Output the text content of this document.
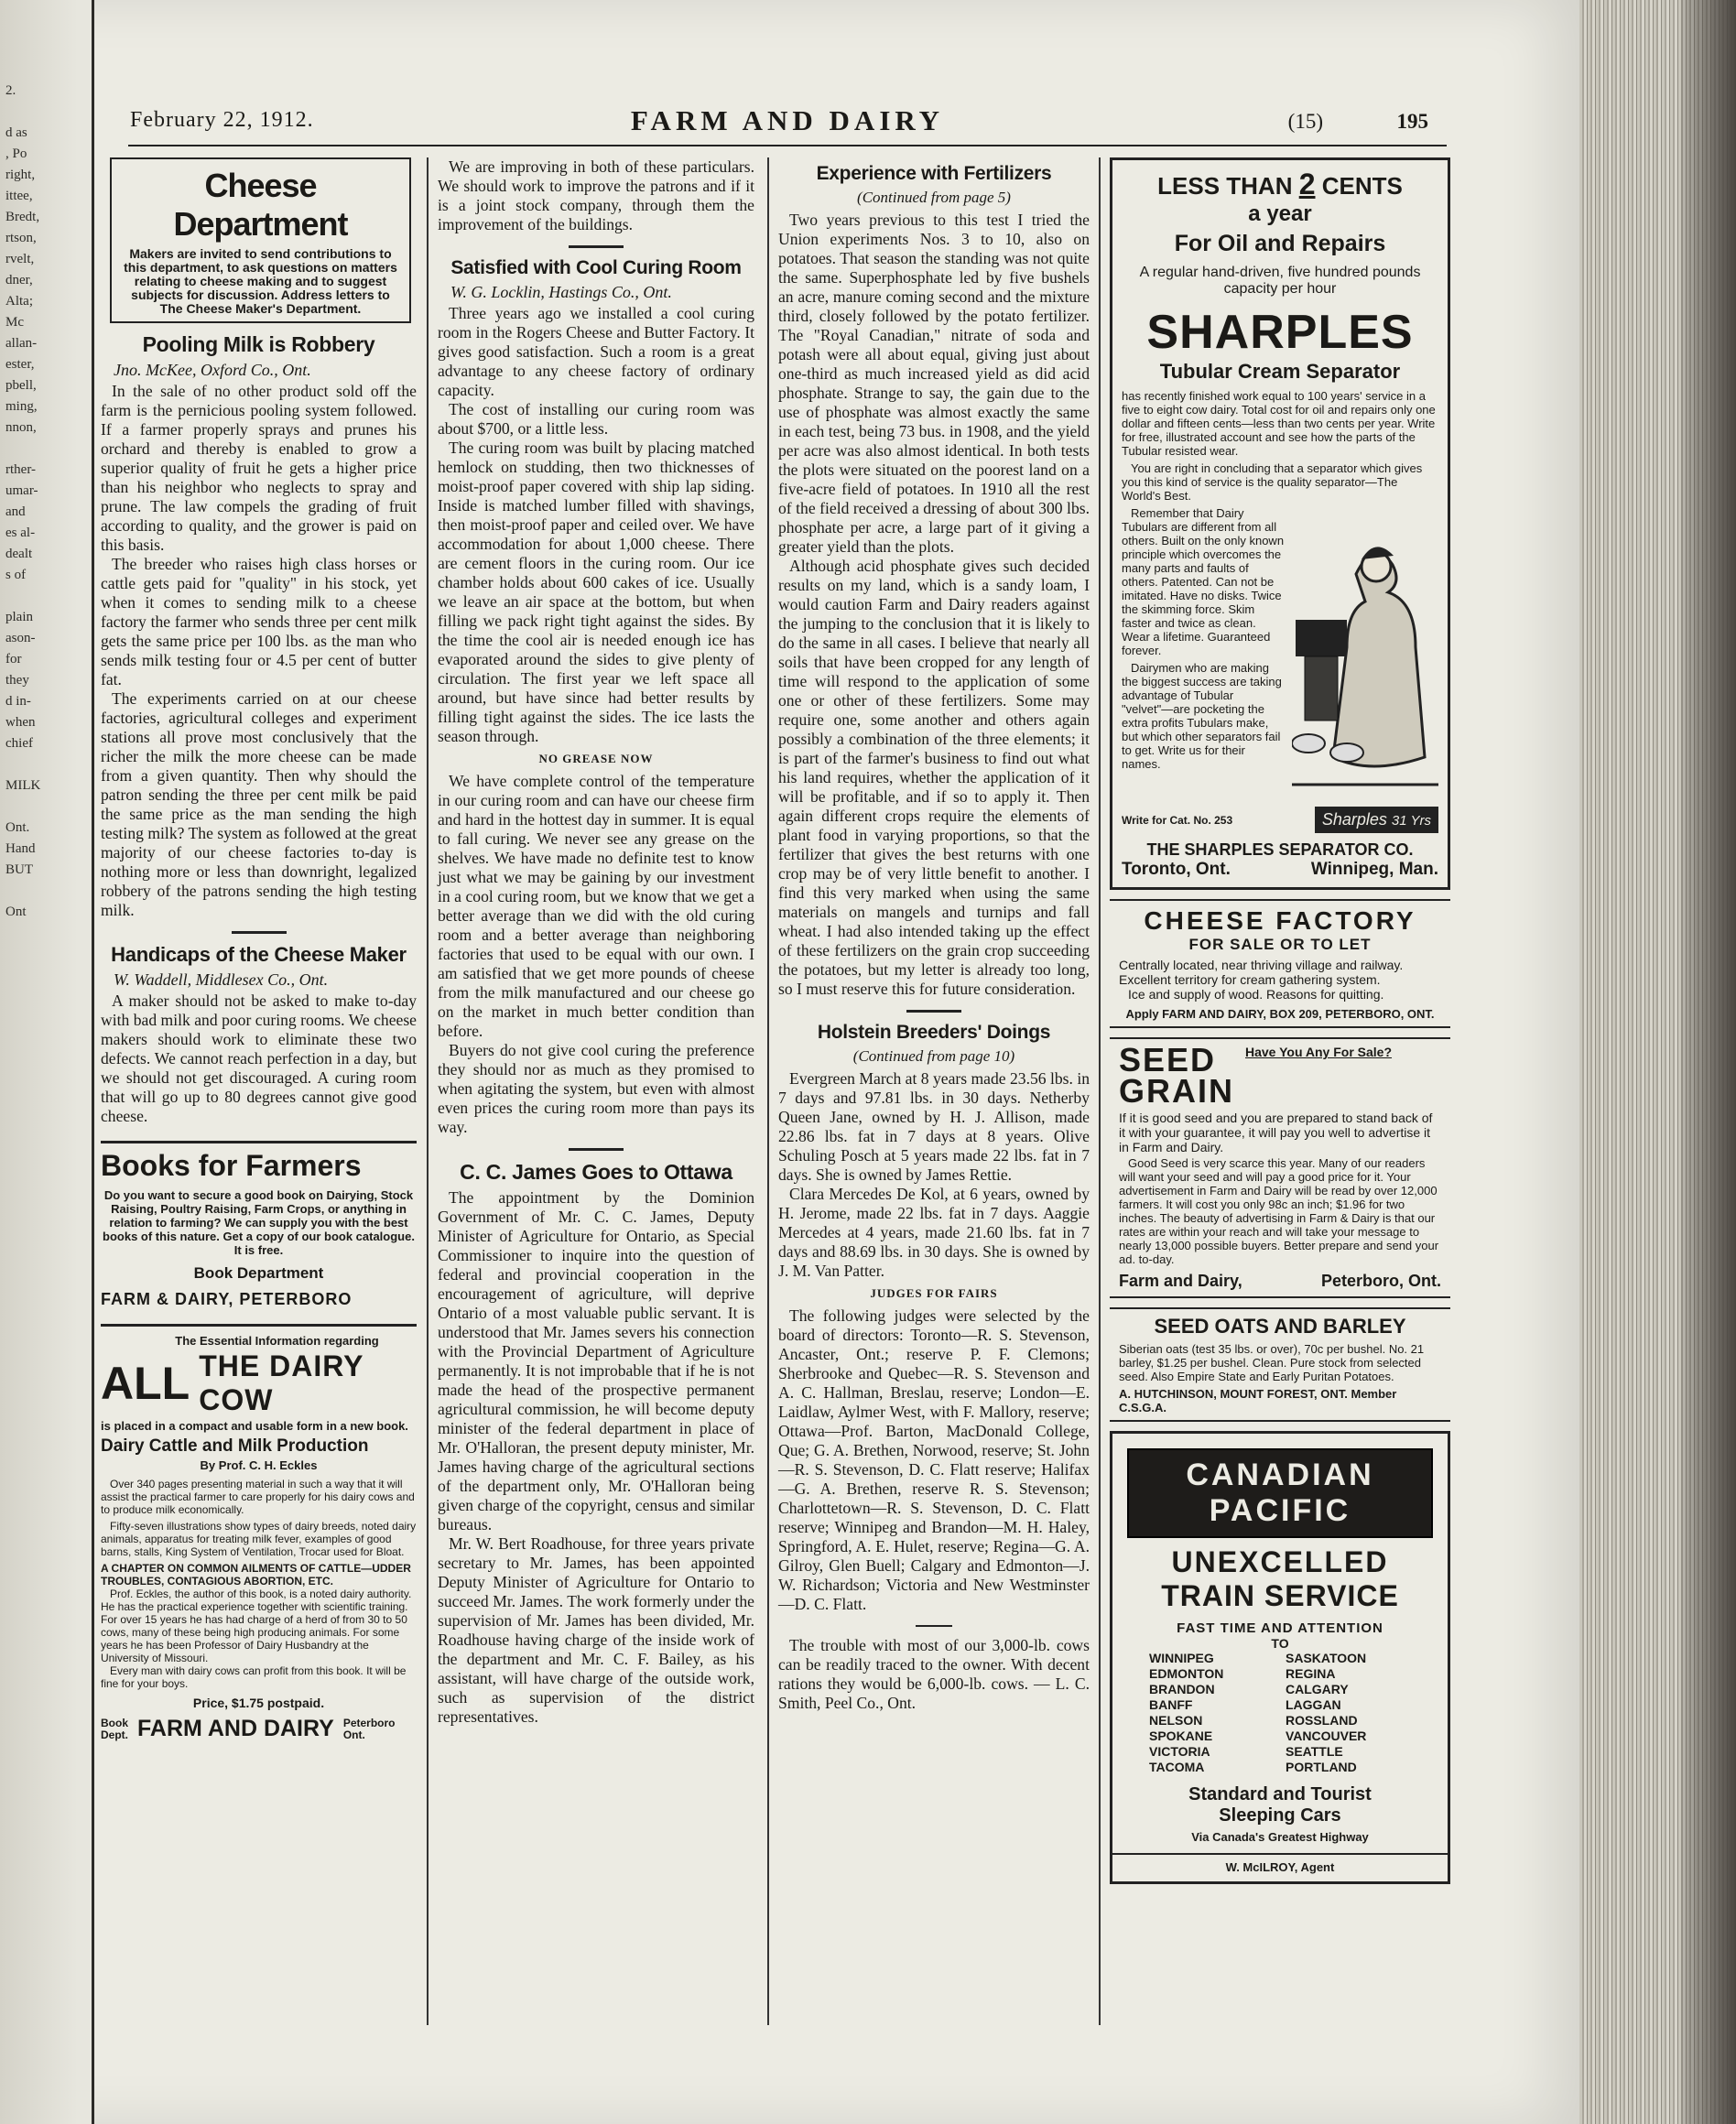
2.

d as

, Po

right,

ittee,

Bredt,

rtson,

rvelt,

dner,

Alta;

Mc

allan-

ester,

pbell,

ming,

nnon,

rther-

umar-

and

es al-

dealt

s of

plain

ason-

for

they

d in-

when

chief

MILK

Ont.

Hand

BUT

Ont

February 22, 1912.	FARM AND DAIRY	(15)	195
Cheese Department
Makers are invited to send contributions to this department, to ask questions on matters relating to cheese making and to suggest subjects for discussion. Address letters to The Cheese Maker's Department.
Pooling Milk is Robbery
Jno. McKee, Oxford Co., Ont.

In the sale of no other product sold off the farm is the pernicious pooling system followed. If a farmer properly sprays and prunes his orchard and thereby is enabled to grow a superior quality of fruit he gets a higher price than his neighbor who neglects to spray and prune. The law compels the grading of fruit according to quality, and the grower is paid on this basis.

The breeder who raises high class horses or cattle gets paid for "quality" in his stock, yet when it comes to sending milk to a cheese factory the farmer who sends three per cent milk gets the same price per 100 lbs. as the man who sends milk testing four or 4.5 per cent of butter fat.

The experiments carried on at our cheese factories, agricultural colleges and experiment stations all prove most conclusively that the richer the milk the more cheese can be made from a given quantity. Then why should the patron sending the three per cent milk be paid the same price as the man sending the high testing milk? The system as followed at the great majority of our cheese factories to-day is nothing more or less than downright, legalized robbery of the patrons sending the high testing milk.

Handicaps of the Cheese Maker
W. Waddell, Middlesex Co., Ont.

A maker should not be asked to make to-day with bad milk and poor curing rooms. We cheese makers should work to eliminate these two defects. We cannot reach perfection in a day, but we should not get discouraged. A curing room that will go up to 80 degrees cannot give good cheese.

Books for Farmers

Do you want to secure a good book on Dairying, Stock Raising, Poultry Raising, Farm Crops, or anything in relation to farming? We can supply you with the best books of this nature. Get a copy of our book catalogue. It is free.

Book Department

FARM & DAIRY, PETERBORO

The Essential Information regarding

ALL THE DAIRY COW

is placed in a compact and usable form in a new book.

Dairy Cattle and Milk Production

By Prof. C. H. Eckles

Over 340 pages presenting material in such a way that it will assist the practical farmer to care properly for his dairy cows and to produce milk economically.

Fifty-seven illustrations show types of dairy breeds, noted dairy animals, apparatus for treating milk fever, examples of good barns, stalls, King System of Ventilation, Trocar used for Bloat.

A CHAPTER ON COMMON AILMENTS OF CATTLE—UDDER TROUBLES, CONTAGIOUS ABORTION, ETC.

Prof. Eckles, the author of this book, is a noted dairy authority. He has the practical experience together with scientific training. For over 15 years he has had charge of a herd of from 30 to 50 cows, many of these being high producing animals. For some years he has been Professor of Dairy Husbandry at the University of Missouri.

Every man with dairy cows can profit from this book. It will be fine for your boys.

Price, $1.75 postpaid.

Book Dept. FARM AND DAIRY Peterboro Ont.

We are improving in both of these particulars. We should work to improve the patrons and if it is a joint stock company, through them the improvement of the buildings.

Satisfied with Cool Curing Room
W. G. Locklin, Hastings Co., Ont.

Three years ago we installed a cool curing room in the Rogers Cheese and Butter Factory. It gives good satisfaction. Such a room is a great advantage to any cheese factory of ordinary capacity.

The cost of installing our curing room was about $700, or a little less.

The curing room was built by placing matched hemlock on studding, then two thicknesses of moist-proof paper covered with ship lap siding. Inside is matched lumber filled with shavings, then moist-proof paper and ceiled over. We have accommodation for about 1,000 cheese. There are cement floors in the curing room. Our ice chamber holds about 600 cakes of ice. Usually we leave an air space at the bottom, but when filling we pack right tight against the sides. By the time the cool air is needed enough ice has evaporated around the sides to give plenty of circulation. The first year we left space all around, but have since had better results by filling tight against the sides. The ice lasts the season through.

NO GREASE NOW

We have complete control of the temperature in our curing room and can have our cheese firm and hard in the hottest day in summer. It is equal to fall curing. We never see any grease on the shelves. We have made no definite test to know just what we may be gaining by our investment in a cool curing room, but we know that we get a better average than we did with the old curing room and a better average than neighboring factories that used to be equal with our own. I am satisfied that we get more pounds of cheese from the milk manufactured and our cheese go on the market in much better condition than before.

Buyers do not give cool curing the preference they should nor as much as they promised to when agitating the system, but even with almost even prices the curing room more than pays its way.

C. C. James Goes to Ottawa

The appointment by the Dominion Government of Mr. C. C. James, Deputy Minister of Agriculture for Ontario, as Special Commissioner to inquire into the question of federal and provincial cooperation in the encouragement of agriculture, will deprive Ontario of a most valuable public servant. It is understood that Mr. James severs his connection with the Provincial Department of Agriculture permanently. It is not improbable that if he is not made the head of the prospective permanent agricultural commission, he will become deputy minister of the federal department in place of Mr. O'Halloran, the present deputy minister, Mr. James having charge of the agricultural sections of the department only, Mr. O'Halloran being given charge of the copyright, census and similar bureaus.

Mr. W. Bert Roadhouse, for three years private secretary to Mr. James, has been appointed Deputy Minister of Agriculture for Ontario to succeed Mr. James. The work formerly under the supervision of Mr. James has been divided, Mr. Roadhouse having charge of the inside work of the department and Mr. C. F. Bailey, as his assistant, will have charge of the outside work, such as supervision of the district representatives.

Experience with Fertilizers
(Continued from page 5)

Two years previous to this test I tried the Union experiments Nos. 3 to 10, also on potatoes. That season the standing was not quite the same. Superphosphate led by five bushels an acre, manure coming second and the mixture third, closely followed by the potato fertilizer. The "Royal Canadian," nitrate of soda and potash were all about equal, giving just about one-third as much increased yield as did acid phosphate. Strange to say, the gain due to the use of phosphate was almost exactly the same in each test, being 73 bus. in 1908, and the yield per acre was also almost identical. In both tests the plots were situated on the poorest land on a five-acre field of potatoes. In 1910 all the rest of the field received a dressing of about 300 lbs. phosphate per acre, a large part of it giving a greater yield than the plots.

Although acid phosphate gives such decided results on my land, which is a sandy loam, I would caution Farm and Dairy readers against the jumping to the conclusion that it is likely to do the same in all cases. I believe that nearly all soils that have been cropped for any length of time will respond to the application of some one or other of these fertilizers. Some may require one, some another and others again possibly a combination of the three elements; it is part of the farmer's business to find out what his land requires, whether the application of it will be profitable, and if so to apply it. Then again different crops require the elements of plant food in varying proportions, so that the fertilizer that gives the best returns with one crop may be of very little benefit to another. I find this very marked when using the same materials on mangels and turnips and fall wheat. I had also intended taking up the effect of these fertilizers on the grain crop succeeding the potatoes, but my letter is already too long, so I must reserve this for future consideration.

Holstein Breeders' Doings
(Continued from page 10)

Evergreen March at 8 years made 23.56 lbs. in 7 days and 97.81 lbs. in 30 days. Netherby Queen Jane, owned by H. J. Allison, made 22.86 lbs. fat in 7 days at 8 years. Olive Schuling Posch at 5 years made 22 lbs. fat in 7 days. She is owned by James Rettie.

Clara Mercedes De Kol, at 6 years, owned by H. Jerome, made 22 lbs. fat in 7 days. Aaggie Mercedes at 4 years, made 21.60 lbs. fat in 7 days and 88.69 lbs. in 30 days. She is owned by J. M. Van Patter.

JUDGES FOR FAIRS

The following judges were selected by the board of directors: Toronto—R. S. Stevenson, Ancaster, Ont.; reserve P. F. Clemons; Sherbrooke and Quebec—R. S. Stevenson and A. C. Hallman, Breslau, reserve; London—E. Laidlaw, Aylmer West, with F. Mallory, reserve; Ottawa—Prof. Barton, MacDonald College, Que; G. A. Brethen, Norwood, reserve; St. John—R. S. Stevenson, D. C. Flatt reserve; Halifax—G. A. Brethen, reserve R. S. Stevenson; Charlottetown—R. S. Stevenson, D. C. Flatt reserve; Winnipeg and Brandon—M. H. Haley, Springford, A. E. Hulet, reserve; Regina—G. A. Gilroy, Glen Buell; Calgary and Edmonton—J. W. Richardson; Victoria and New Westminster—D. C. Flatt.

The trouble with most of our 3,000-lb. cows can be readily traced to the owner. With decent rations they would be 6,000-lb. cows. — L. C. Smith, Peel Co., Ont.

LESS THAN 2 CENTS
a year
For Oil and Repairs
A regular hand-driven, five hundred pounds capacity per hour
SHARPLES
Tubular Cream Separator

has recently finished work equal to 100 years' service in a five to eight cow dairy. Total cost for oil and repairs only one dollar and fifteen cents—less than two cents per year. Write for free, illustrated account and see how the parts of the Tubular resisted wear.

You are right in concluding that a separator which gives you this kind of service is the quality separator—The World's Best.

Remember that Dairy Tubulars are different from all others. Built on the only known principle which overcomes the many parts and faults of others. Patented. Can not be imitated. Have no disks. Twice the skimming force. Skim faster and twice as clean. Wear a lifetime. Guaranteed forever.

Dairymen who are making the biggest success are taking advantage of Tubular "velvet"—are pocketing the extra profits Tubulars make, but which other separators fail to get. Write us for their names.

Write for Cat. No. 253	Sharples 31 Yrs
THE SHARPLES SEPARATOR CO.
Toronto, Ont.	Winnipeg, Man.
CHEESE FACTORY
FOR SALE OR TO LET

Centrally located, near thriving village and railway. Excellent territory for cream gathering system.

Ice and supply of wood. Reasons for quitting.

Apply FARM AND DAIRY, BOX 209, PETERBORO, ONT.

SEED GRAIN
Have You Any For Sale?

If it is good seed and you are prepared to stand back of it with your guarantee, it will pay you well to advertise it in Farm and Dairy.

Good Seed is very scarce this year. Many of our readers will want your seed and will pay a good price for it. Your advertisement in Farm and Dairy will be read by over 12,000 farmers. It will cost you only 98c an inch; $1.96 for two inches. The beauty of advertising in Farm & Dairy is that our rates are within your reach and will take your message to nearly 13,000 possible buyers. Better prepare and send your ad. to-day.

Farm and Dairy,	Peterboro, Ont.
SEED OATS AND BARLEY

Siberian oats (test 35 lbs. or over), 70c per bushel. No. 21 barley, $1.25 per bushel. Clean. Pure stock from selected seed. Also Empire State and Early Puritan Potatoes.

A. HUTCHINSON, MOUNT FOREST, ONT. Member C.S.G.A.

CANADIAN PACIFIC
UNEXCELLED
TRAIN SERVICE
FAST TIME AND ATTENTION
TO
WINNIPEG	SASKATOON
EDMONTON	REGINA
BRANDON	CALGARY
BANFF	LAGGAN
NELSON	ROSSLAND
SPOKANE	VANCOUVER
VICTORIA	SEATTLE
TACOMA	PORTLAND
Standard and Tourist
Sleeping Cars
Via Canada's Greatest Highway
W. McILROY, Agent
